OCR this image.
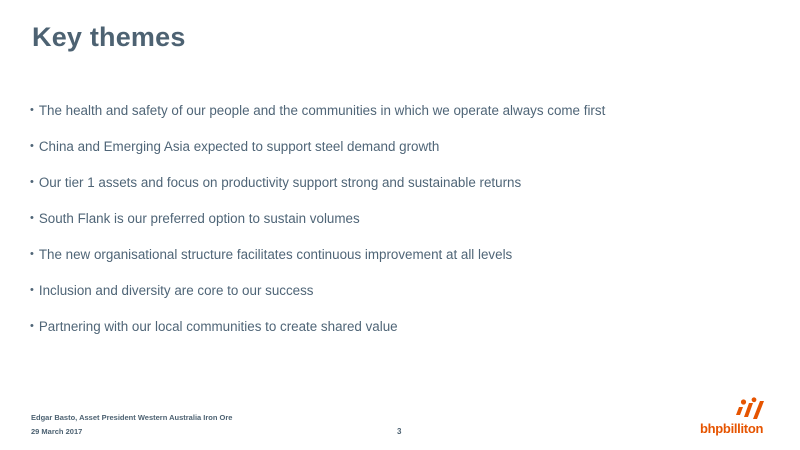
Key themes
• The health and safety of our people and the communities in which we operate always come first
• China and Emerging Asia expected to support steel demand growth
• Our tier 1 assets and focus on productivity support strong and sustainable returns
• South Flank is our preferred option to sustain volumes
• The new organisational structure facilitates continuous improvement at all levels
• Inclusion and diversity are core to our success
• Partnering with our local communities to create shared value
Edgar Basto, Asset President Western Australia Iron Ore
29 March 2017	3	bhpbilliton
